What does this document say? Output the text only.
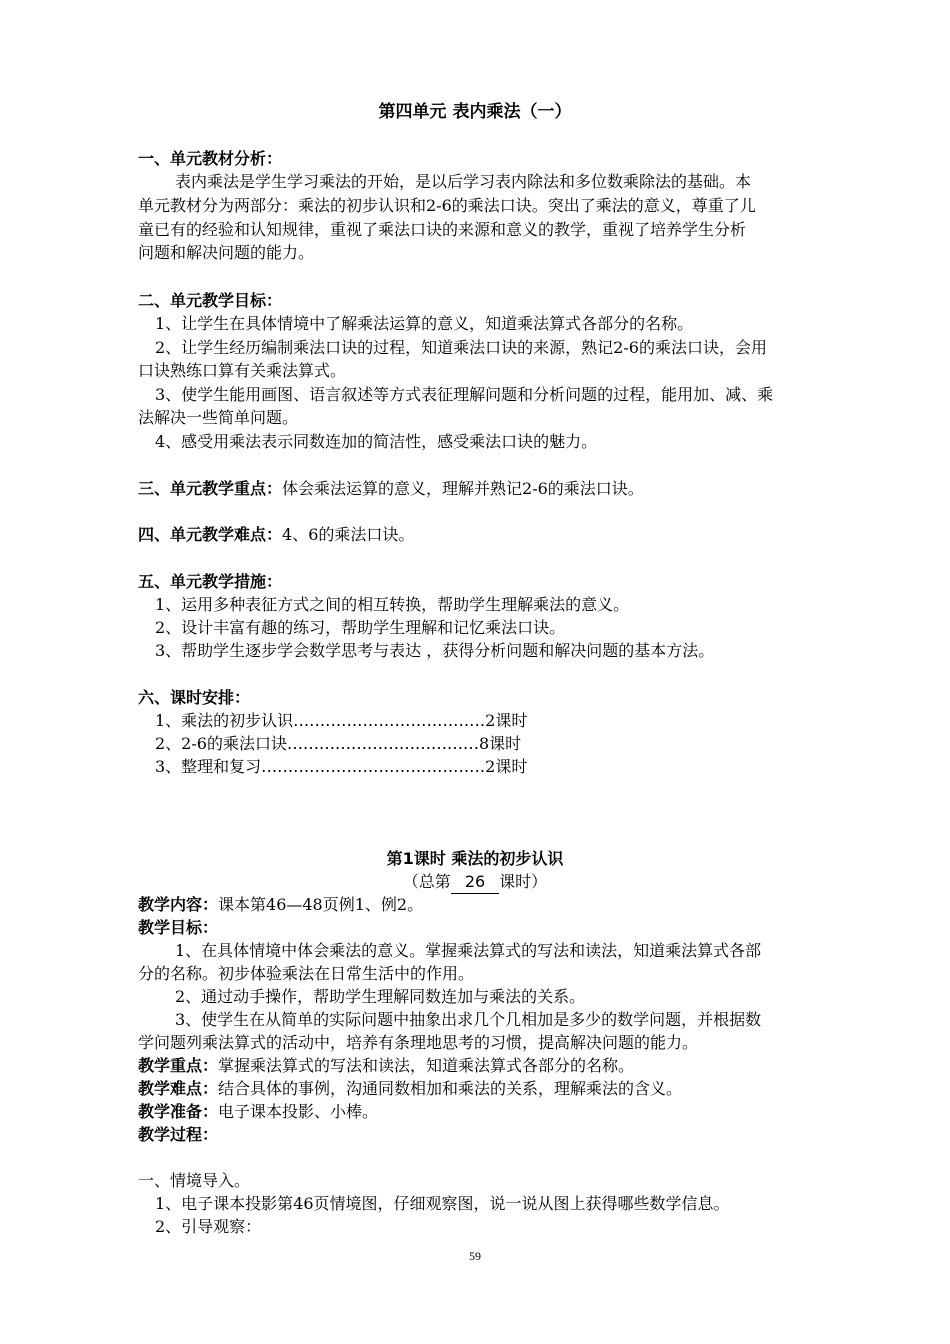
第四单元 表内乘法（一）
一、单元教材分析：
表内乘法是学生学习乘法的开始，是以后学习表内除法和多位数乘除法的基础。本
单元教材分为两部分：乘法的初步认识和2-6的乘法口诀。突出了乘法的意义，尊重了儿
童已有的经验和认知规律，重视了乘法口诀的来源和意义的教学，重视了培养学生分析
问题和解决问题的能力。
二、单元教学目标：
1、让学生在具体情境中了解乘法运算的意义，知道乘法算式各部分的名称。
2、让学生经历编制乘法口诀的过程，知道乘法口诀的来源，熟记2-6的乘法口诀，会用
口诀熟练口算有关乘法算式。
3、使学生能用画图、语言叙述等方式表征理解问题和分析问题的过程，能用加、减、乘
法解决一些简单问题。
4、感受用乘法表示同数连加的简洁性，感受乘法口诀的魅力。
三、单元教学重点：体会乘法运算的意义，理解并熟记2-6的乘法口诀。
四、单元教学难点：4、6的乘法口诀。
五、单元教学措施：
1、运用多种表征方式之间的相互转换，帮助学生理解乘法的意义。
2、设计丰富有趣的练习，帮助学生理解和记忆乘法口诀。
3、帮助学生逐步学会数学思考与表达 ，获得分析问题和解决问题的基本方法。
六、课时安排：
1、乘法的初步认识………………………………2课时
2、2-6的乘法口诀………………………………8课时
3、整理和复习……………………………………2课时
第1课时 乘法的初步认识
（总第 26 课时）
教学内容：课本第46—48页例1、例2。
教学目标：
1、在具体情境中体会乘法的意义。掌握乘法算式的写法和读法，知道乘法算式各部
分的名称。初步体验乘法在日常生活中的作用。
2、通过动手操作，帮助学生理解同数连加与乘法的关系。
3、使学生在从简单的实际问题中抽象出求几个几相加是多少的数学问题，并根据数
学问题列乘法算式的活动中，培养有条理地思考的习惯，提高解决问题的能力。
教学重点：掌握乘法算式的写法和读法，知道乘法算式各部分的名称。
教学难点：结合具体的事例，沟通同数相加和乘法的关系，理解乘法的含义。
教学准备：电子课本投影、小棒。
教学过程：
一、情境导入。
1、电子课本投影第46页情境图，仔细观察图，说一说从图上获得哪些数学信息。
2、引导观察：
59
